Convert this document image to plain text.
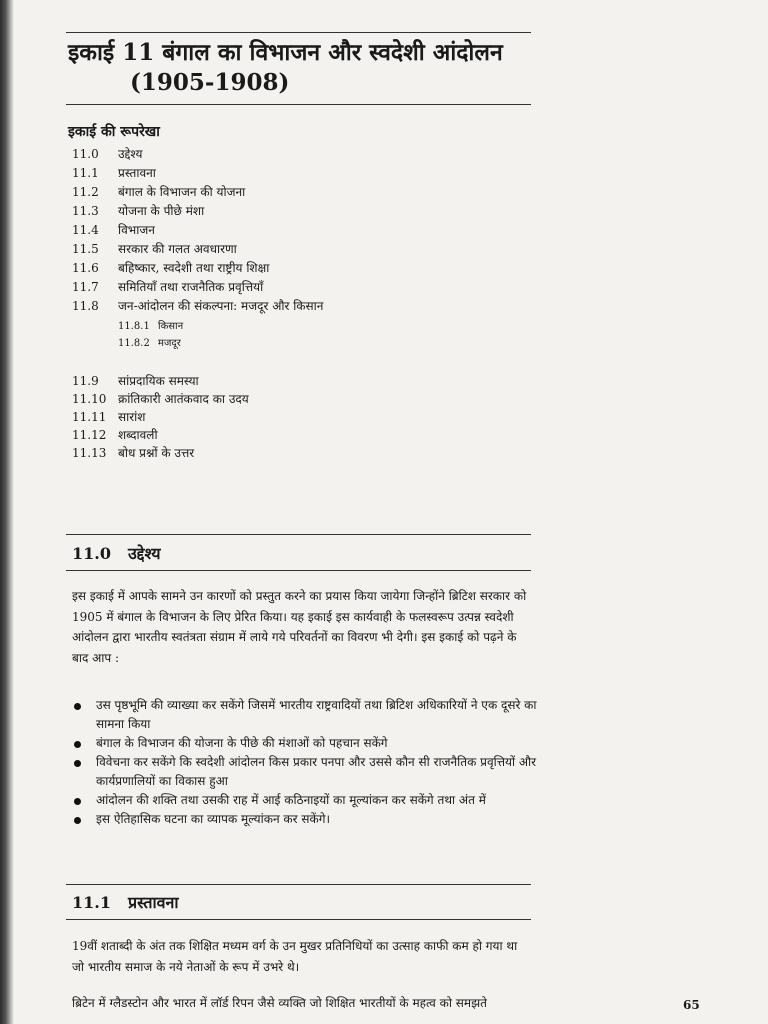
इकाई 11 बंगाल का विभाजन और स्वदेशी आंदोलन
(1905-1908)
इकाई की रूपरेखा
11.0 उद्देश्य
11.1 प्रस्तावना
11.2 बंगाल के विभाजन की योजना
11.3 योजना के पीछे मंशा
11.4 विभाजन
11.5 सरकार की गलत अवधारणा
11.6 बहिष्कार, स्वदेशी तथा राष्ट्रीय शिक्षा
11.7 समितियाँ तथा राजनैतिक प्रवृत्तियाँ
11.8 जन-आंदोलन की संकल्पना: मजदूर और किसान
11.8.1 किसान
11.8.2 मजदूर
11.9 सांप्रदायिक समस्या
11.10 क्रांतिकारी आतंकवाद का उदय
11.11 सारांश
11.12 शब्दावली
11.13 बोध प्रश्नों के उत्तर
11.0 उद्देश्य

इस इकाई में आपके सामने उन कारणों को प्रस्तुत करने का प्रयास किया जायेगा जिन्होंने ब्रिटिश सरकार को 1905 में बंगाल के विभाजन के लिए प्रेरित किया। यह इकाई इस कार्यवाही के फलस्वरूप उत्पन्न स्वदेशी आंदोलन द्वारा भारतीय स्वतंत्रता संग्राम में लाये गये परिवर्तनों का विवरण भी देगी। इस इकाई को पढ़ने के बाद आप :

उस पृष्ठभूमि की व्याख्या कर सकेंगे जिसमें भारतीय राष्ट्रवादियों तथा ब्रिटिश अधिकारियों ने एक दूसरे का सामना किया
बंगाल के विभाजन की योजना के पीछे की मंशाओं को पहचान सकेंगे
विवेचना कर सकेंगे कि स्वदेशी आंदोलन किस प्रकार पनपा और उससे कौन सी राजनैतिक प्रवृत्तियों और कार्यप्रणालियों का विकास हुआ
आंदोलन की शक्ति तथा उसकी राह में आई कठिनाइयों का मूल्यांकन कर सकेंगे तथा अंत में
इस ऐतिहासिक घटना का व्यापक मूल्यांकन कर सकेंगे।
11.1 प्रस्तावना

19वीं शताब्दी के अंत तक शिक्षित मध्यम वर्ग के उन मुखर प्रतिनिधियों का उत्साह काफी कम हो गया था जो भारतीय समाज के नये नेताओं के रूप में उभरे थे।

ब्रिटेन में ग्लैडस्टोन और भारत में लॉर्ड रिपन जैसे व्यक्ति जो शिक्षित भारतीयों के महत्व को समझते	65
